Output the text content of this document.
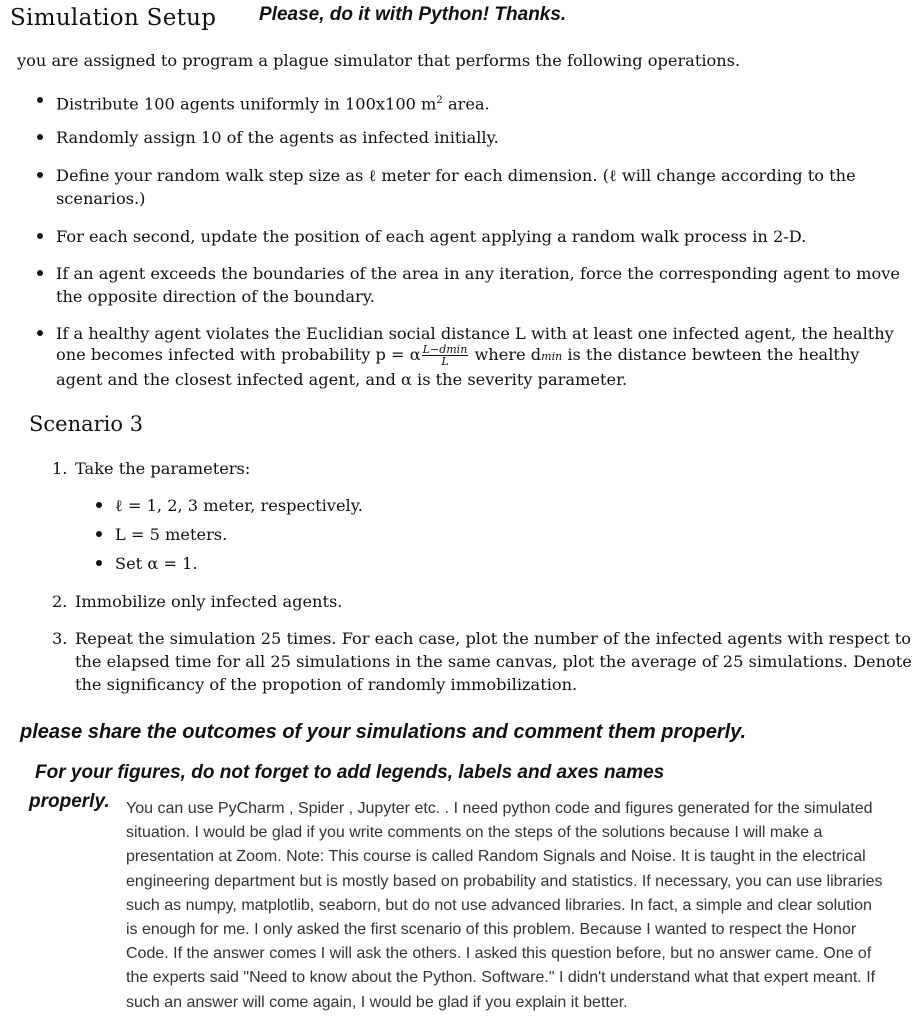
Simulation Setup Please, do it with Python! Thanks.
you are assigned to program a plague simulator that performs the following operations.
Distribute 100 agents uniformly in 100x100 $m^2$ area.
Randomly assign 10 of the agents as infected initially.
Define your random walk step size as ℓ meter for each dimension. (ℓ will change according to the
scenarios.)
For each second, update the position of each agent applying a random walk process in 2-D.
If an agent exceeds the boundaries of the area in any iteration, force the corresponding agent to move
the opposite direction of the boundary.
If a healthy agent violates the Euclidian social distance L with at least one infected agent, the healthy
one becomes infected with probability p = α $\frac{L-dmin}{L}$ where dmin is the distance bewteen the healthy
agent and the closest infected agent, and α is the severity parameter.
Scenario 3
1. Take the parameters:
ℓ = 1, 2, 3 meter, respectively.
L = 5 meters.
Set α = 1.
2. Immobilize only infected agents.
3. Repeat the simulation 25 times. For each case, plot the number of the infected agents with respect to
the elapsed time for all 25 simulations in the same canvas, plot the average of 25 simulations. Denote
the significancy of the propotion of randomly immobilization.
please share the outcomes of your simulations and comment them properly.
For your figures, do not forget to add legends, labels and axes names
properly. You can use PyCharm , Spider , Jupyter etc. . I need python code and figures generated for the simulated
situation. I would be glad if you write comments on the steps of the solutions because I will make a
presentation at Zoom. Note: This course is called Random Signals and Noise. It is taught in the electrical
engineering department but is mostly based on probability and statistics. If necessary, you can use libraries
such as numpy, matplotlib, seaborn, but do not use advanced libraries. In fact, a simple and clear solution
is enough for me. I only asked the first scenario of this problem. Because I wanted to respect the Honor
Code. If the answer comes I will ask the others. I asked this question before, but no answer came. One of
the experts said "Need to know about the Python. Software." I didn't understand what that expert meant. If
such an answer will come again, I would be glad if you explain it better.
